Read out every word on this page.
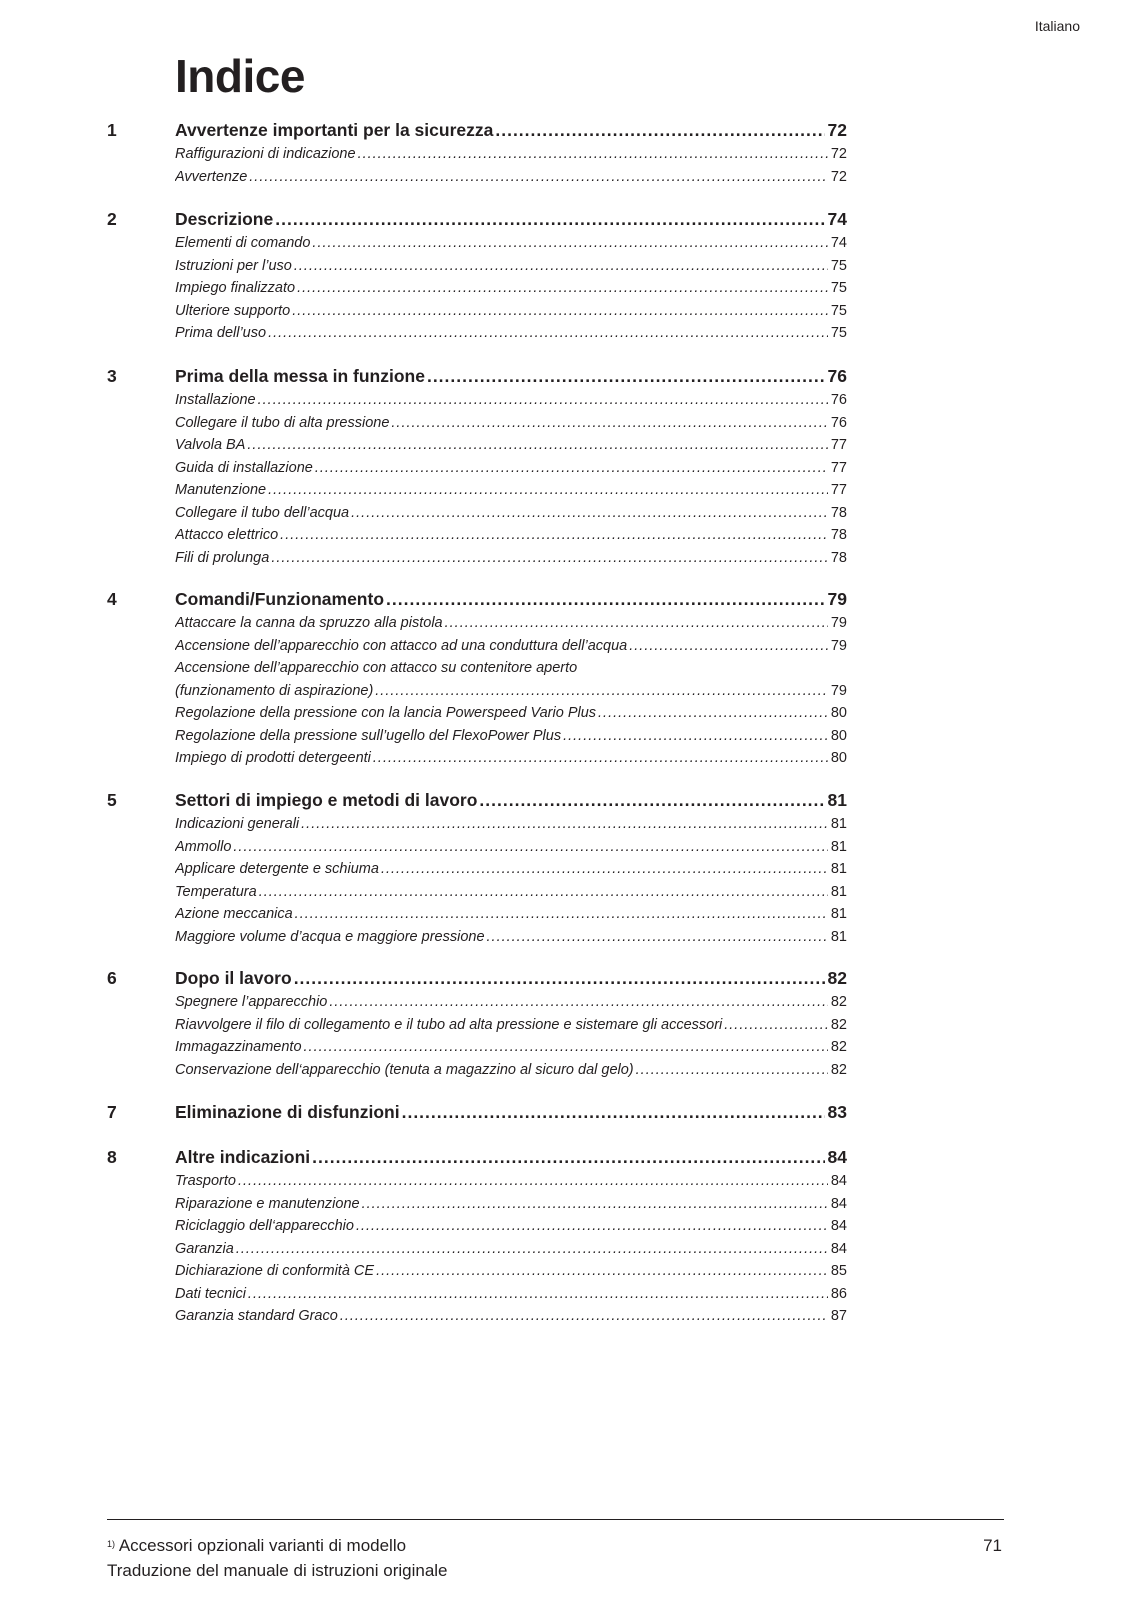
Italiano
Indice
1	Avvertenze importanti per la sicurezza .....	72
Raffigurazioni di indicazione .....	72
Avvertenze .....	72
2	Descrizione .....	74
Elementi di comando .....	74
Istruzioni per l’uso .....	75
Impiego finalizzato .....	75
Ulteriore supporto .....	75
Prima dell’uso .....	75
3	Prima della messa in funzione .....	76
Installazione .....	76
Collegare il tubo di alta pressione .....	76
Valvola BA .....	77
Guida di installazione .....	77
Manutenzione .....	77
Collegare il tubo dell’acqua .....	78
Attacco elettrico .....	78
Fili di prolunga .....	78
4	Comandi/Funzionamento .....	79
Attaccare la canna da spruzzo alla pistola .....	79
Accensione dell’apparecchio con attacco ad una conduttura dell’acqua .....	79
Accensione dell’apparecchio con attacco su contenitore aperto
(funzionamento di aspirazione) .....	79
Regolazione della pressione con la lancia Powerspeed Vario Plus .....	80
Regolazione della pressione sull’ugello del FlexoPower Plus .....	80
Impiego di prodotti detergeenti .....	80
5	Settori di impiego e metodi di lavoro .....	81
Indicazioni generali .....	81
Ammollo .....	81
Applicare detergente e schiuma .....	81
Temperatura .....	81
Azione meccanica .....	81
Maggiore volume d’acqua e maggiore pressione .....	81
6	Dopo il lavoro .....	82
Spegnere l’apparecchio .....	82
Riavvolgere il filo di collegamento e il tubo ad alta pressione e sistemare gli accessori .....	82
Immagazzinamento .....	82
Conservazione dell‘apparecchio (tenuta a magazzino al sicuro dal gelo) .....	82
7	Eliminazione di disfunzioni .....	83
8	Altre indicazioni .....	84
Trasporto .....	84
Riparazione e manutenzione .....	84
Riciclaggio dell‘apparecchio .....	84
Garanzia .....	84
Dichiarazione di conformità CE .....	85
Dati tecnici .....	86
Garanzia standard Graco .....	87
$^{1)}$ Accessori opzionali varianti di modello
Traduzione del manuale di istruzioni originale
71
